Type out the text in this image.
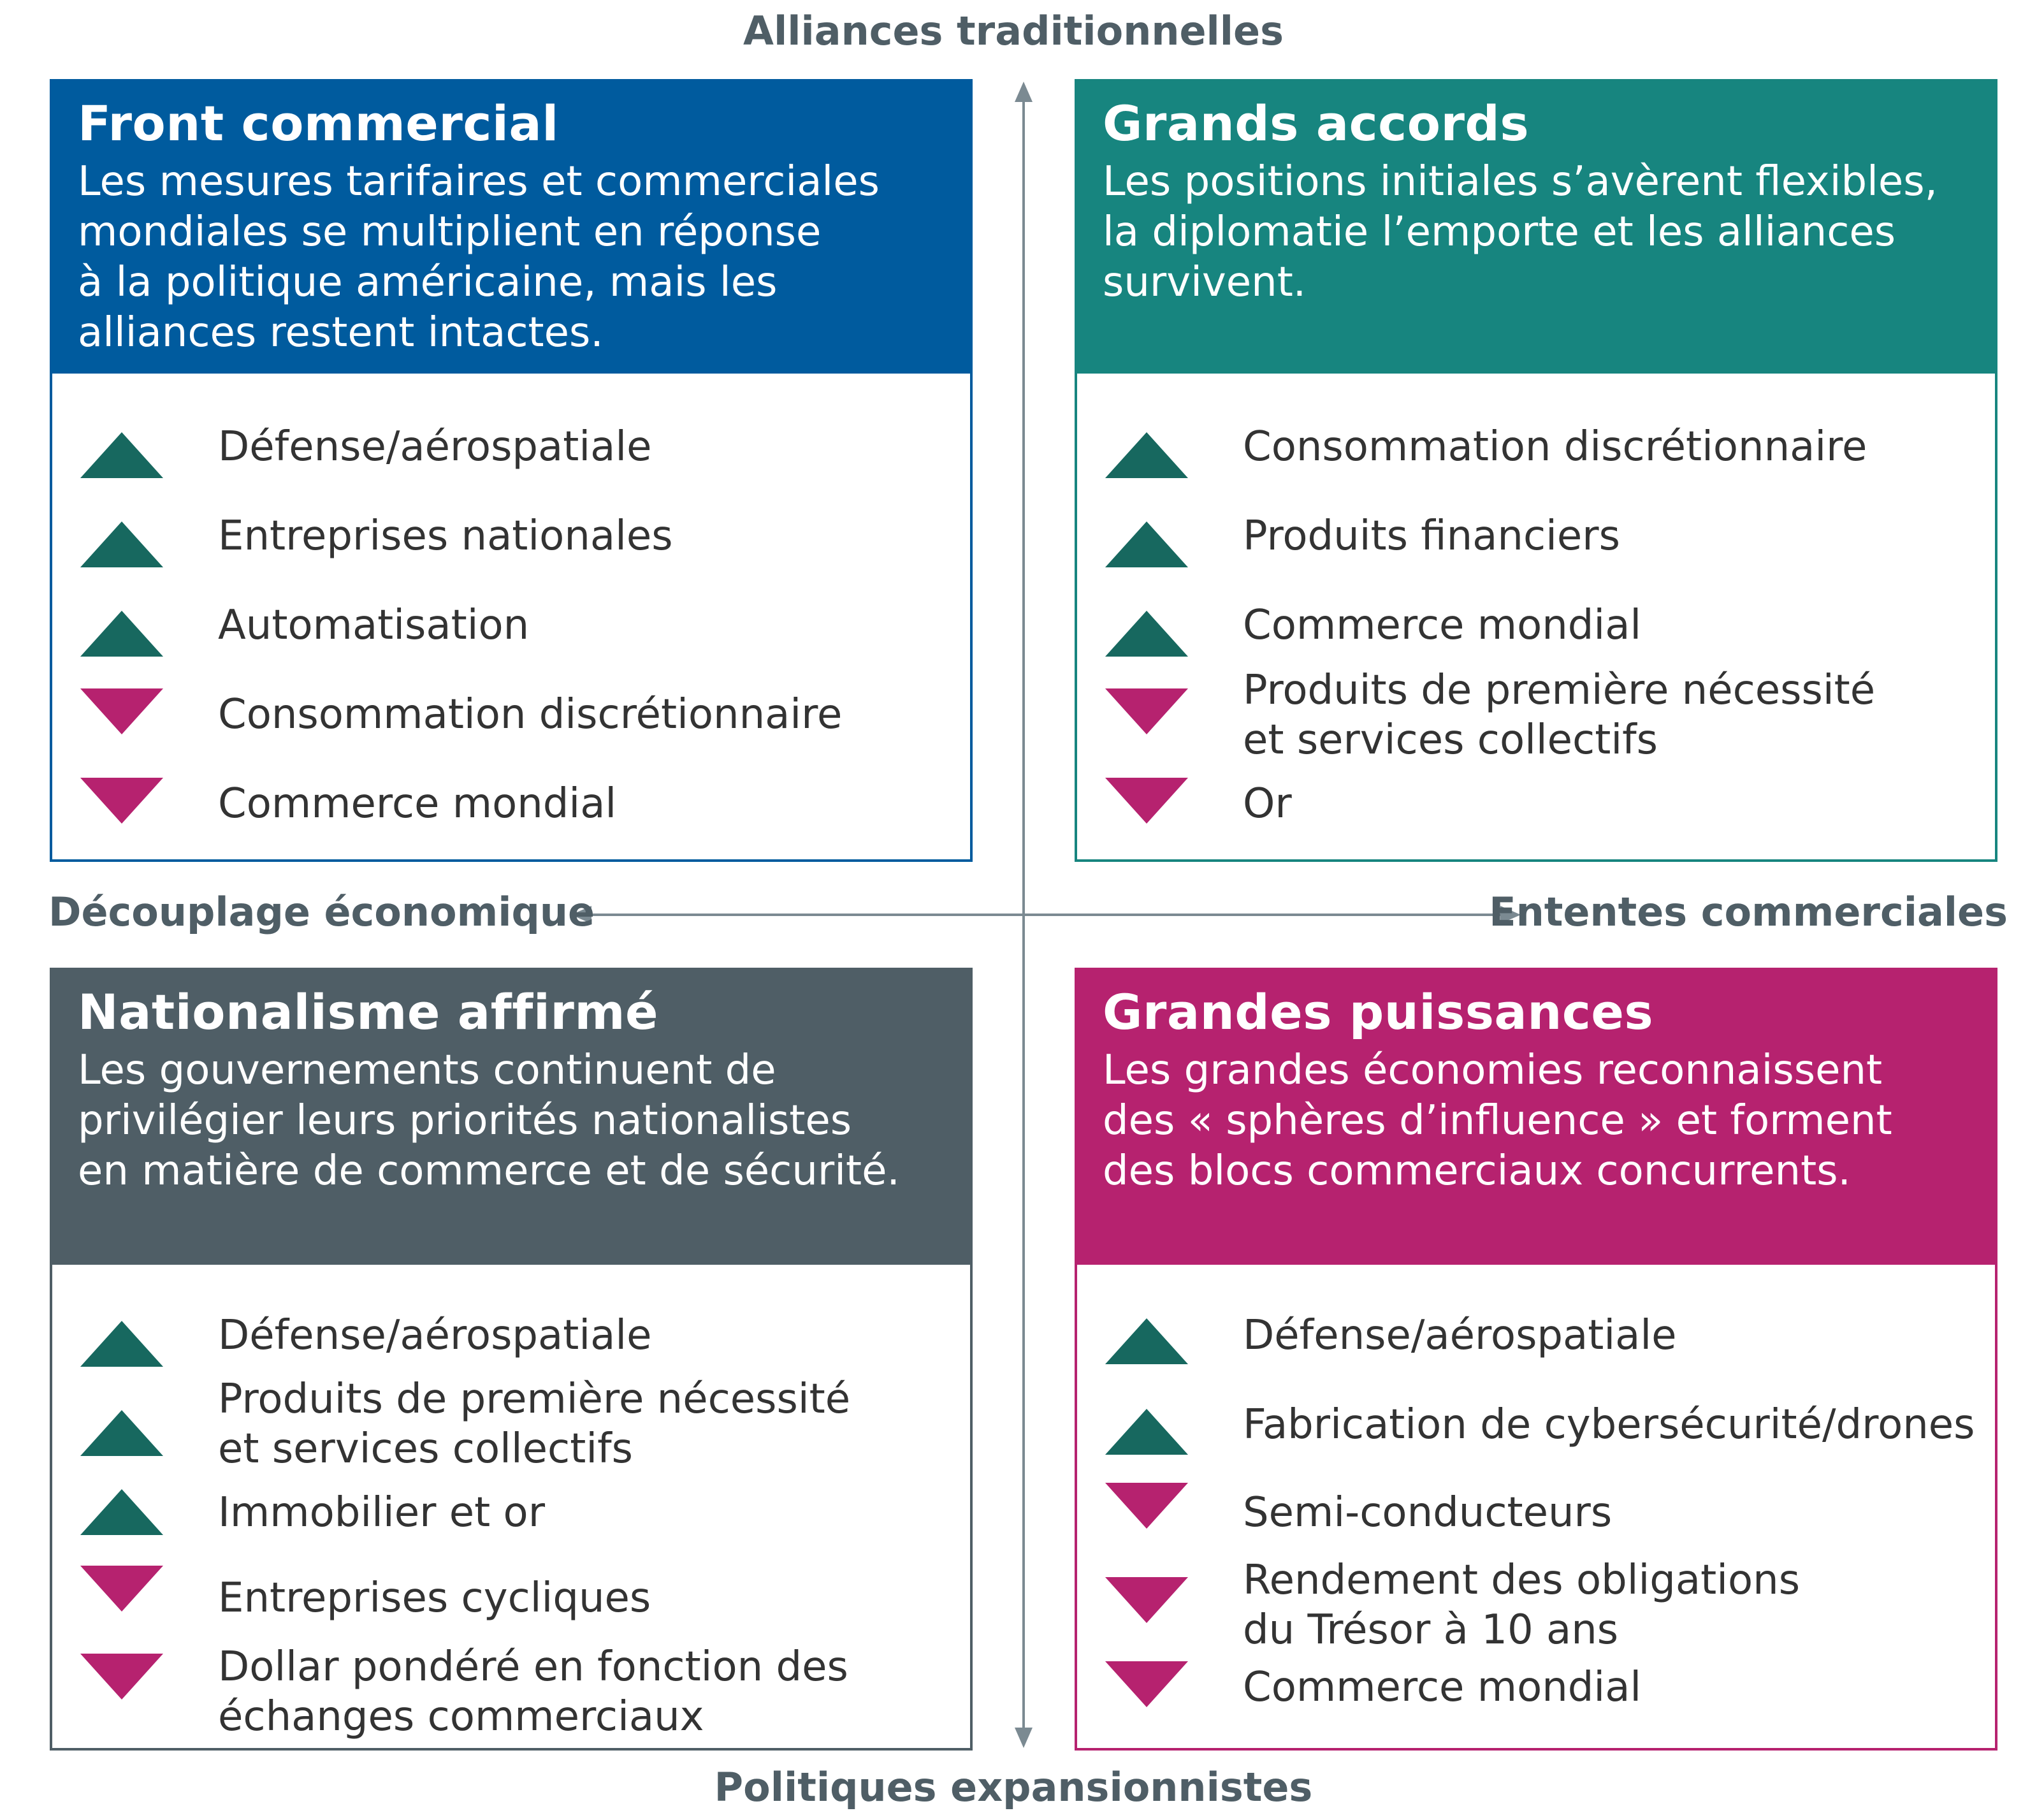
Alliances traditionnelles
Politiques expansionnistes
Découplage économique	Ententes commerciales
Front commercial
Les mesures tarifaires et commerciales
mondiales se multiplient en réponse
à la politique américaine, mais les
alliances restent intactes.
Défense/aérospatiale
Entreprises nationales
Automatisation
Consommation discrétionnaire
Commerce mondial
Grands accords
Les positions initiales s’avèrent flexibles,
la diplomatie l’emporte et les alliances
survivent.
Consommation discrétionnaire
Produits financiers
Commerce mondial
Produits de première nécessité
et services collectifs
Or
Nationalisme affirmé
Les gouvernements continuent de
privilégier leurs priorités nationalistes
en matière de commerce et de sécurité.
Défense/aérospatiale
Produits de première nécessité
et services collectifs
Immobilier et or
Entreprises cycliques
Dollar pondéré en fonction des
échanges commerciaux
Grandes puissances
Les grandes économies reconnaissent
des « sphères d’influence » et forment
des blocs commerciaux concurrents.
Défense/aérospatiale
Fabrication de cybersécurité/drones
Semi-conducteurs
Rendement des obligations
du Trésor à 10 ans
Commerce mondial
